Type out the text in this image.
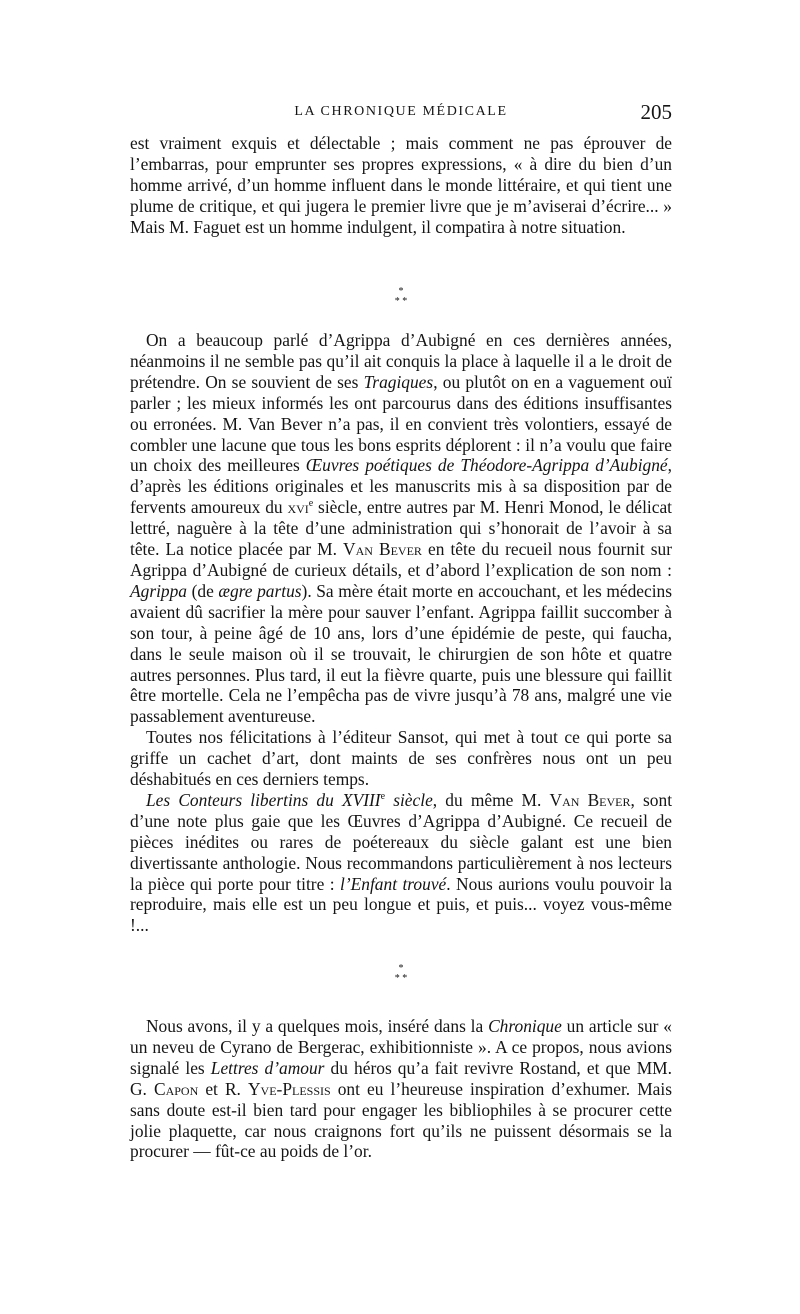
LA CHRONIQUE MÉDICALE	205

est vraiment exquis et délectable ; mais comment ne pas éprouver de l’embarras, pour emprunter ses propres expressions, « à dire du bien d’un homme arrivé, d’un homme influent dans le monde littéraire, et qui tient une plume de critique, et qui jugera le premier livre que je m’aviserai d’écrire... » Mais M. Faguet est un homme indulgent, il compatira à notre situation.

*
* *

On a beaucoup parlé d’Agrippa d’Aubigné en ces dernières années, néanmoins il ne semble pas qu’il ait conquis la place à laquelle il a le droit de prétendre. On se souvient de ses Tragiques, ou plutôt on en a vaguement ouï parler ; les mieux informés les ont parcourus dans des éditions insuffisantes ou erronées. M. Van Bever n’a pas, il en convient très volontiers, essayé de combler une lacune que tous les bons esprits déplorent : il n’a voulu que faire un choix des meilleures Œuvres poétiques de Théodore-Agrippa d’Aubigné, d’après les éditions originales et les manuscrits mis à sa disposition par de fervents amoureux du xvi$^e$ siècle, entre autres par M. Henri Monod, le délicat lettré, naguère à la tête d’une administration qui s’honorait de l’avoir à sa tête. La notice placée par M. Van Bever en tête du recueil nous fournit sur Agrippa d’Aubigné de curieux détails, et d’abord l’explication de son nom : Agrippa (de ægre partus). Sa mère était morte en accouchant, et les médecins avaient dû sacrifier la mère pour sauver l’enfant. Agrippa faillit succomber à son tour, à peine âgé de 10 ans, lors d’une épidémie de peste, qui faucha, dans le seule maison où il se trouvait, le chirurgien de son hôte et quatre autres personnes. Plus tard, il eut la fièvre quarte, puis une blessure qui faillit être mortelle. Cela ne l’empêcha pas de vivre jusqu’à 78 ans, malgré une vie passablement aventureuse.

Toutes nos félicitations à l’éditeur Sansot, qui met à tout ce qui porte sa griffe un cachet d’art, dont maints de ses confrères nous ont un peu déshabitués en ces derniers temps.

Les Conteurs libertins du XVIIIe siècle, du même M. Van Bever, sont d’une note plus gaie que les Œuvres d’Agrippa d’Aubigné. Ce recueil de pièces inédites ou rares de poétereaux du siècle galant est une bien divertissante anthologie. Nous recommandons particulièrement à nos lecteurs la pièce qui porte pour titre : l’Enfant trouvé. Nous aurions voulu pouvoir la reproduire, mais elle est un peu longue et puis, et puis... voyez vous-même !...

*
* *

Nous avons, il y a quelques mois, inséré dans la Chronique un article sur « un neveu de Cyrano de Bergerac, exhibitionniste ». A ce propos, nous avions signalé les Lettres d’amour du héros qu’a fait revivre Rostand, et que MM. G. Capon et R. Yve-Plessis ont eu l’heureuse inspiration d’exhumer. Mais sans doute est-il bien tard pour engager les bibliophiles à se procurer cette jolie plaquette, car nous craignons fort qu’ils ne puissent désormais se la procurer — fût-ce au poids de l’or.
